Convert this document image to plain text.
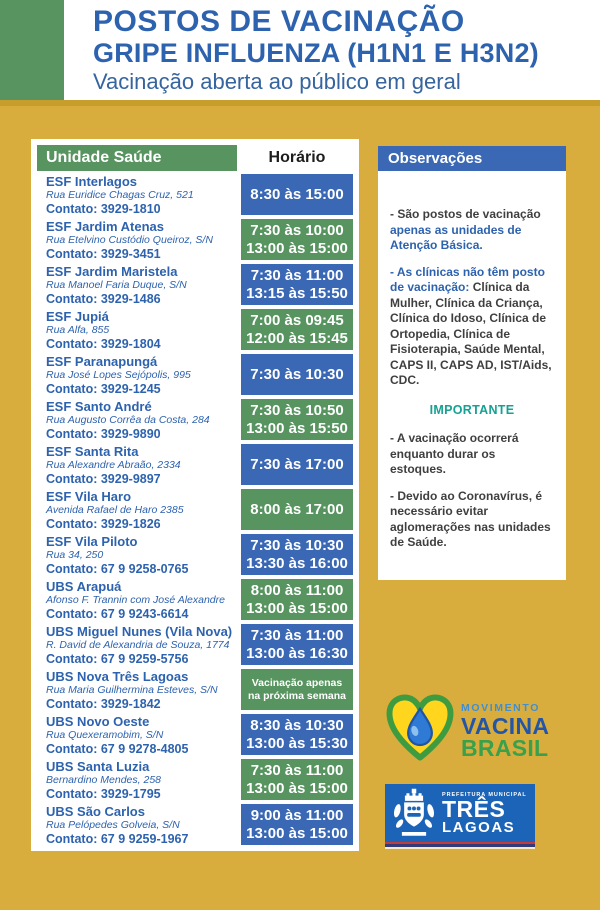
POSTOS DE VACINAÇÃO
GRIPE INFLUENZA (H1N1 E H3N2)
Vacinação aberta ao público em geral
Unidade Saúde	Horário
ESF Interlagos
Rua Euridice Chagas Cruz, 521
Contato: 3929-1810
8:30 às 15:00
ESF Jardim Atenas
Rua Etelvino Custódio Queiroz, S/N
Contato: 3929-3451
7:30 às 10:00
13:00 às 15:00
ESF Jardim Maristela
Rua Manoel Faria Duque, S/N
Contato: 3929-1486
7:30 às 11:00
13:15 às 15:50
ESF Jupiá
Rua Alfa, 855
Contato: 3929-1804
7:00 às 09:45
12:00 às 15:45
ESF Paranapungá
Rua José Lopes Sejópolis, 995
Contato: 3929-1245
7:30 às 10:30
ESF Santo André
Rua Augusto Corrêa da Costa, 284
Contato: 3929-9890
7:30 às 10:50
13:00 às 15:50
ESF Santa Rita
Rua Alexandre Abraão, 2334
Contato: 3929-9897
7:30 às 17:00
ESF Vila Haro
Avenida Rafael de Haro 2385
Contato: 3929-1826
8:00 às 17:00
ESF Vila Piloto
Rua 34, 250
Contato: 67 9 9258-0765
7:30 às 10:30
13:30 às 16:00
UBS Arapuá
Afonso F. Trannin com José Alexandre
Contato: 67 9 9243-6614
8:00 às 11:00
13:00 às 15:00
UBS Miguel Nunes (Vila Nova)
R. David de Alexandria de Souza, 1774
Contato: 67 9 9259-5756
7:30 às 11:00
13:00 às 16:30
UBS Nova Três Lagoas
Rua Maria Guilhermina Esteves, S/N
Contato: 3929-1842
Vacinação apenas
na próxima semana
UBS Novo Oeste
Rua Quexeramobim, S/N
Contato: 67 9 9278-4805
8:30 às 10:30
13:00 às 15:30
UBS Santa Luzia
Bernardino Mendes, 258
Contato: 3929-1795
7:30 às 11:00
13:00 às 15:00
UBS São Carlos
Rua Pelópedes Golveia, S/N
Contato: 67 9 9259-1967
9:00 às 11:00
13:00 às 15:00
Observações
- São postos de vacinação apenas as unidades de Atenção Básica.
- As clínicas não têm posto de vacinação: Clínica da Mulher, Clínica da Criança, Clínica do Idoso, Clínica de Ortopedia, Clínica de Fisioterapia, Saúde Mental, CAPS II, CAPS AD, IST/Aids, CDC.
IMPORTANTE
- A vacinação ocorrerá enquanto durar os estoques.
- Devido ao Coronavírus, é necessário evitar aglomerações nas unidades de Saúde.
MOVIMENTO
VACINA
BRASIL
PREFEITURA MUNICIPAL
TRÊS
LAGOAS
